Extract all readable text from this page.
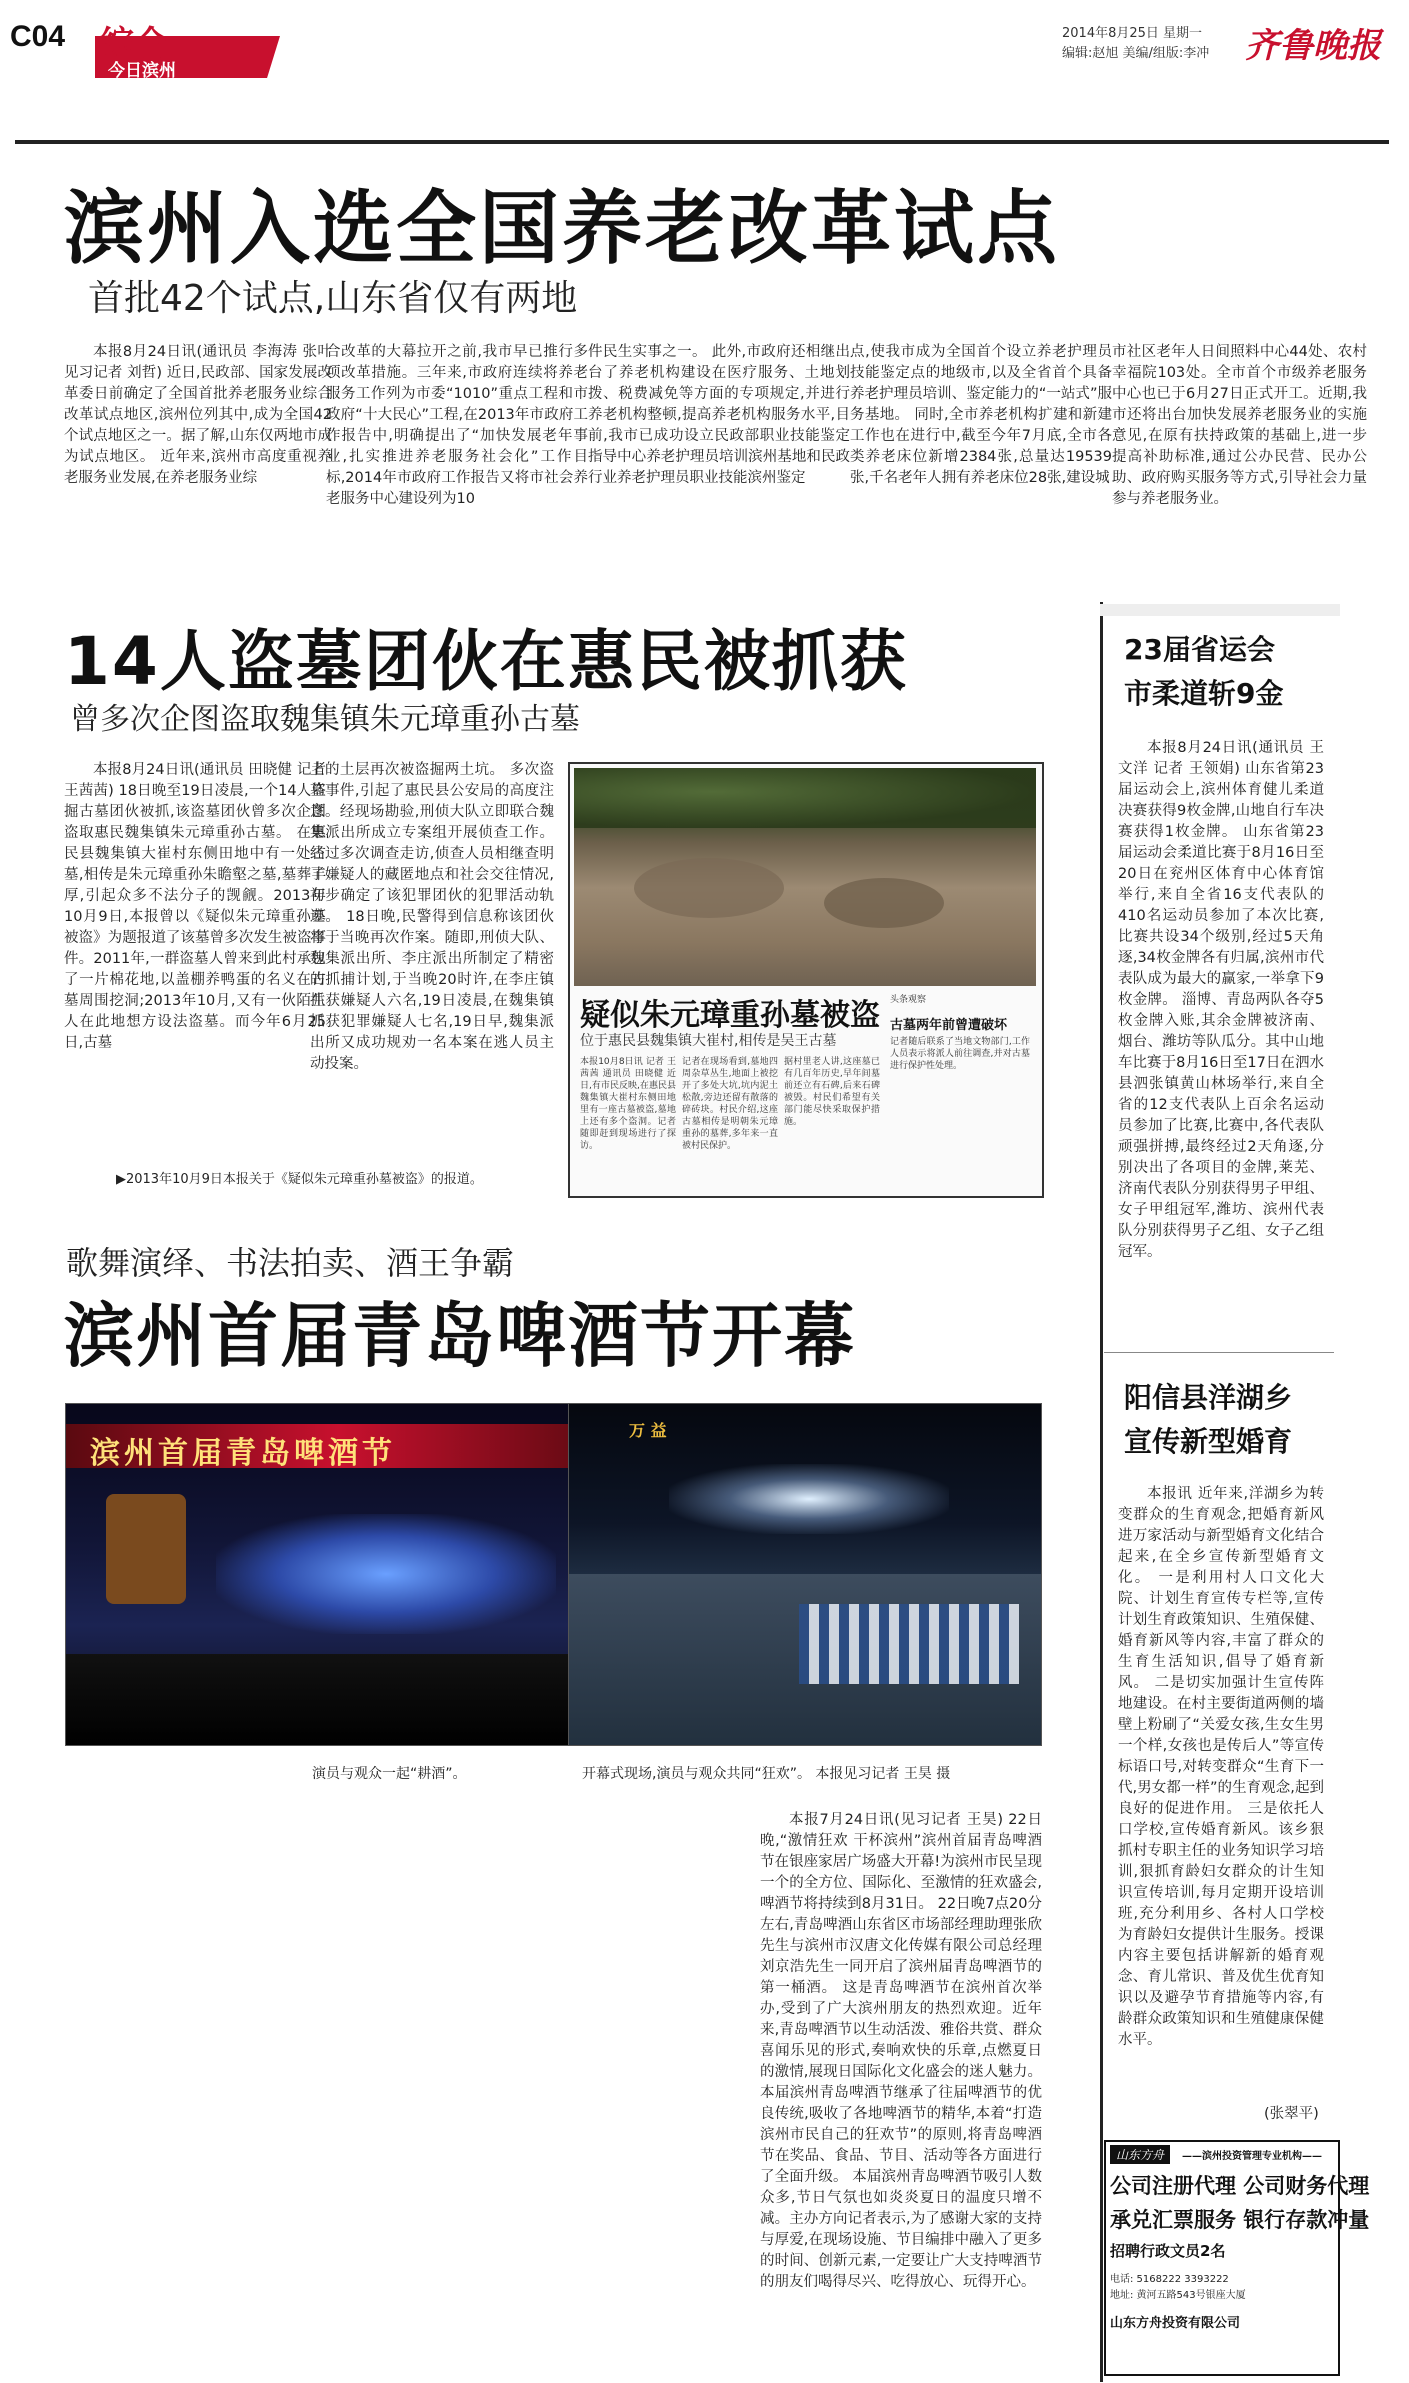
C04 综合
今日滨州
2014年8月25日 星期一
编辑:赵旭 美编/组版:李冲 齐鲁晚报
滨州入选全国养老改革试点
首批42个试点,山东省仅有两地

本报8月24日讯(通讯员 李海涛 张叶 见习记者 刘哲) 近日,民政部、国家发展改革委日前确定了全国首批养老服务业综合改革试点地区,滨州位列其中,成为全国42个试点地区之一。据了解,山东仅两地市成为试点地区。 近年来,滨州市高度重视养老服务业发展,在养老服务业综

合改革的大幕拉开之前,我市早已推行多项改革措施。三年来,市政府连续将养老服务工作列为市委“1010”重点工程和市政府“十大民心”工程,在2013年市政府工作报告中,明确提出了“加快发展老年事业,扎实推进养老服务社会化”工作目标,2014年市政府工作报告又将市社会养老服务中心建设列为10

件民生实事之一。 此外,市政府还相继出台了养老机构建设在医疗服务、土地划拨、税费减免等方面的专项规定,并进行养老机构整顿,提高养老机构服务水平,目前,我市已成功设立民政部职业技能鉴定指导中心养老护理员培训滨州基地和民政行业养老护理员职业技能滨州鉴定

点,使我市成为全国首个设立养老护理员技能鉴定点的地级市,以及全省首个具备养老护理员培训、鉴定能力的“一站式”服务基地。 同时,全市养老机构扩建和新建工作也在进行中,截至今年7月底,全市各类养老床位新增2384张,总量达19539张,千名老年人拥有养老床位28张,建设城

市社区老年人日间照料中心44处、农村幸福院103处。全市首个市级养老服务中心也已于6月27日正式开工。近期,我市还将出台加快发展养老服务业的实施意见,在原有扶持政策的基础上,进一步提高补助标准,通过公办民营、民办公助、政府购买服务等方式,引导社会力量参与养老服务业。

14人盗墓团伙在惠民被抓获
曾多次企图盗取魏集镇朱元璋重孙古墓

本报8月24日讯(通讯员 田晓健 记者 王茜茜) 18日晚至19日凌晨,一个14人盗掘古墓团伙被抓,该盗墓团伙曾多次企图盗取惠民魏集镇朱元璋重孙古墓。 在惠民县魏集镇大崔村东侧田地中有一处古墓,相传是朱元璋重孙朱瞻壑之墓,墓葬丰厚,引起众多不法分子的觊觎。2013年10月9日,本报曾以《疑似朱元璋重孙墓被盗》为题报道了该墓曾多次发生被盗事件。2011年,一群盗墓人曾来到此村承包了一片棉花地,以盖棚养鸭蛋的名义在古墓周围挖洞;2013年10月,又有一伙陌生人在此地想方设法盗墓。而今年6月25日,古墓

上的土层再次被盗掘两土坑。 多次盗墓事件,引起了惠民县公安局的高度注意。经现场勘验,刑侦大队立即联合魏集派出所成立专案组开展侦查工作。经过多次调查走访,侦查人员相继查明了嫌疑人的藏匿地点和社会交往情况,初步确定了该犯罪团伙的犯罪活动轨迹。 18日晚,民警得到信息称该团伙将于当晚再次作案。随即,刑侦大队、魏集派出所、李庄派出所制定了精密的抓捕计划,于当晚20时许,在李庄镇抓获嫌疑人六名,19日凌晨,在魏集镇抓获犯罪嫌疑人七名,19日早,魏集派出所又成功规劝一名本案在逃人员主动投案。

疑似朱元璋重孙墓被盗
位于惠民县魏集镇大崔村,相传是吴王古墓
头条观察
古墓两年前曾遭破坏
本报10月8日讯 记者 王茜茜 通讯员 田晓健 近日,有市民反映,在惠民县魏集镇大崔村东侧田地里有一座古墓被盗,墓地上还有多个盗洞。记者随即赶到现场进行了探访。
记者在现场看到,墓地四周杂草丛生,地面上被挖开了多处大坑,坑内泥土松散,旁边还留有散落的碎砖块。村民介绍,这座古墓相传是明朝朱元璋重孙的墓葬,多年来一直被村民保护。
据村里老人讲,这座墓已有几百年历史,早年间墓前还立有石碑,后来石碑被毁。村民们希望有关部门能尽快采取保护措施。
记者随后联系了当地文物部门,工作人员表示将派人前往调查,并对古墓进行保护性处理。
▶2013年10月9日本报关于《疑似朱元璋重孙墓被盗》的报道。
23届省运会
市柔道斩9金

本报8月24日讯(通讯员 王文洋 记者 王领娟) 山东省第23届运动会上,滨州体育健儿柔道决赛获得9枚金牌,山地自行车决赛获得1枚金牌。 山东省第23届运动会柔道比赛于8月16日至20日在兖州区体育中心体育馆举行,来自全省16支代表队的410名运动员参加了本次比赛,比赛共设34个级别,经过5天角逐,34枚金牌各有归属,滨州市代表队成为最大的赢家,一举拿下9枚金牌。 淄博、青岛两队各夺5枚金牌入账,其余金牌被济南、烟台、潍坊等队瓜分。其中山地车比赛于8月16日至17日在泗水县泗张镇黄山林场举行,来自全省的12支代表队上百余名运动员参加了比赛,比赛中,各代表队顽强拼搏,最终经过2天角逐,分别决出了各项目的金牌,莱芜、济南代表队分别获得男子甲组、女子甲组冠军,潍坊、滨州代表队分别获得男子乙组、女子乙组冠军。

阳信县洋湖乡
宣传新型婚育

本报讯 近年来,洋湖乡为转变群众的生育观念,把婚育新风进万家活动与新型婚育文化结合起来,在全乡宣传新型婚育文化。 一是利用村人口文化大院、计划生育宣传专栏等,宣传计划生育政策知识、生殖保健、婚育新风等内容,丰富了群众的生育生活知识,倡导了婚育新风。 二是切实加强计生宣传阵地建设。在村主要街道两侧的墙壁上粉刷了“关爱女孩,生女生男一个样,女孩也是传后人”等宣传标语口号,对转变群众“生育下一代,男女都一样”的生育观念,起到良好的促进作用。 三是依托人口学校,宣传婚育新风。该乡狠抓村专职主任的业务知识学习培训,狠抓育龄妇女群众的计生知识宣传培训,每月定期开设培训班,充分利用乡、各村人口学校为育龄妇女提供计生服务。授课内容主要包括讲解新的婚育观念、育儿常识、普及优生优育知识以及避孕节育措施等内容,有龄群众政策知识和生殖健康保健水平。

(张翠平)
山东方舟	——滨州投资管理专业机构——
公司注册代理 公司财务代理
承兑汇票服务 银行存款冲量
招聘行政文员2名
电话: 5168222 3393222
地址: 黄河五路543号银座大厦
山东方舟投资有限公司
歌舞演绎、书法拍卖、酒王争霸
滨州首届青岛啤酒节开幕
滨州首届青岛啤酒节
演员与观众一起“耕酒”。
万 益
开幕式现场,演员与观众共同“狂欢”。 本报见习记者 王昊 摄

本报7月24日讯(见习记者 王昊) 22日晚,“激情狂欢 干杯滨州”滨州首届青岛啤酒节在银座家居广场盛大开幕!为滨州市民呈现一个的全方位、国际化、至激情的狂欢盛会,啤酒节将持续到8月31日。 22日晚7点20分左右,青岛啤酒山东省区市场部经理助理张欣先生与滨州市汉唐文化传媒有限公司总经理刘京浩先生一同开启了滨州届青岛啤酒节的第一桶酒。 这是青岛啤酒节在滨州首次举办,受到了广大滨州朋友的热烈欢迎。近年来,青岛啤酒节以生动活泼、雅俗共赏、群众喜闻乐见的形式,奏响欢快的乐章,点燃夏日的激情,展现日国际化文化盛会的迷人魅力。 本届滨州青岛啤酒节继承了往届啤酒节的优良传统,吸收了各地啤酒节的精华,本着“打造滨州市民自己的狂欢节”的原则,将青岛啤酒节在奖品、食品、节目、活动等各方面进行了全面升级。 本届滨州青岛啤酒节吸引人数众多,节日气氛也如炎炎夏日的温度只增不减。主办方向记者表示,为了感谢大家的支持与厚爱,在现场设施、节目编排中融入了更多的时间、创新元素,一定要让广大支持啤酒节的朋友们喝得尽兴、吃得放心、玩得开心。
